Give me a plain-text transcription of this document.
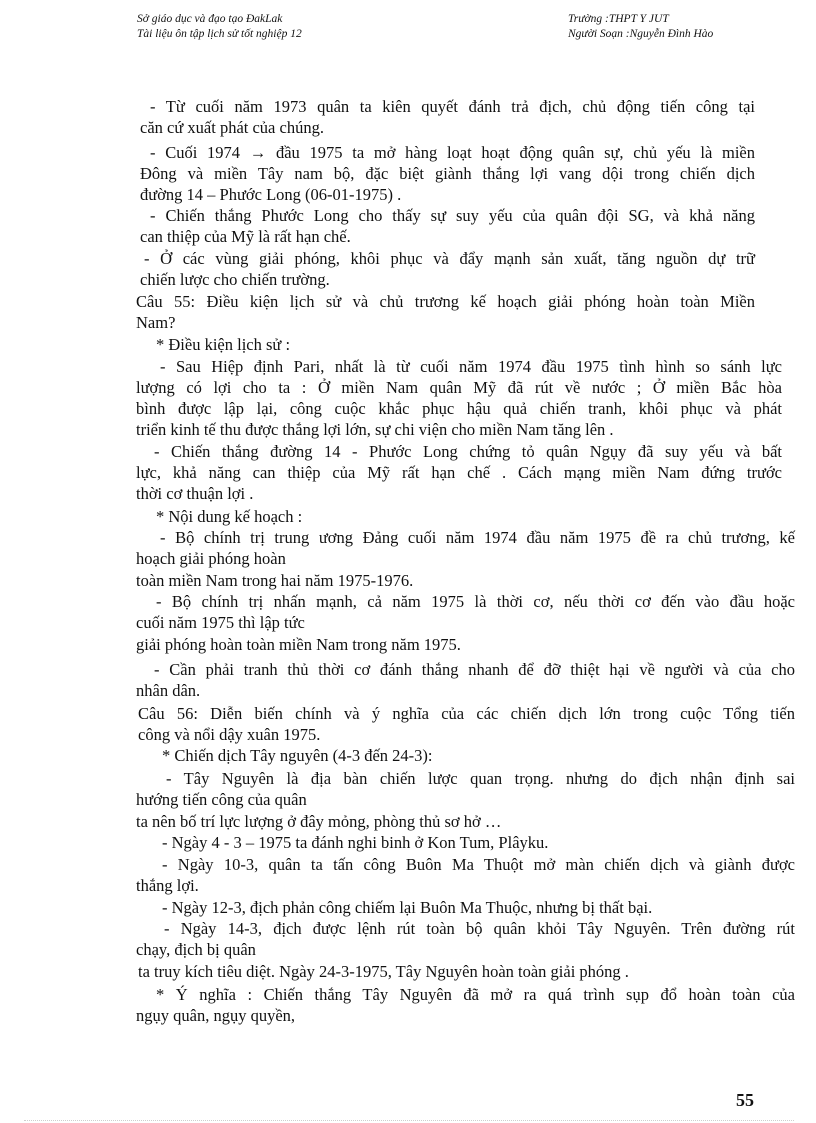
Sở giáo dục và đạo tạo ĐakLak
Tài liệu ôn tập lịch sử tốt nghiệp 12
Trường :THPT Y JUT
Người Soạn :Nguyễn Đình Hào

- Từ cuối năm 1973 quân ta kiên quyết đánh trả địch, chủ động tiến công tại

căn cứ xuất phát của chúng.

- Cuối 1974 → đầu 1975 ta mở hàng loạt hoạt động quân sự, chủ yếu là miền

Đông và miền Tây nam bộ, đặc biệt giành thắng lợi vang dội trong chiến dịch

đường 14 – Phước Long (06-01-1975) .

- Chiến thắng Phước Long cho thấy sự suy yếu của quân đội SG, và khả năng

can thiệp của Mỹ là rất hạn chế.

- Ở các vùng giải phóng, khôi phục và đẩy mạnh sản xuất, tăng nguồn dự trữ

chiến lược cho chiến trường.

Câu 55: Điều kiện lịch sử và chủ trương kế hoạch giải phóng hoàn toàn Miền

Nam?

* Điều kiện lịch sử :

- Sau Hiệp định Pari, nhất là từ cuối năm 1974 đầu 1975 tình hình so sánh lực

lượng có lợi cho ta : Ở miền Nam quân Mỹ đã rút về nước ; Ở miền Bắc hòa

bình được lập lại, công cuộc khắc phục hậu quả chiến tranh, khôi phục và phát

triển kinh tế thu được thắng lợi lớn, sự chi viện cho miền Nam tăng lên .

- Chiến thắng đường 14 - Phước Long chứng tỏ quân Ngụy đã suy yếu và bất

lực, khả năng can thiệp của Mỹ rất hạn chế . Cách mạng miền Nam đứng trước

thời cơ thuận lợi .

* Nội dung kế hoạch :

- Bộ chính trị trung ương Đảng cuối năm 1974 đầu năm 1975 đề ra chủ trương, kế

hoạch giải phóng hoàn

toàn miền Nam trong hai năm 1975-1976.

- Bộ chính trị nhấn mạnh, cả năm 1975 là thời cơ, nếu thời cơ đến vào đầu hoặc

cuối năm 1975 thì lập tức

giải phóng hoàn toàn miền Nam trong năm 1975.

- Cần phải tranh thủ thời cơ đánh thắng nhanh để đỡ thiệt hại về người và của cho

nhân dân.

Câu 56: Diễn biến chính và ý nghĩa của các chiến dịch lớn trong cuộc Tổng tiến

công và nổi dậy xuân 1975.

* Chiến dịch Tây nguyên (4-3 đến 24-3):

- Tây Nguyên là địa bàn chiến lược quan trọng. nhưng do địch nhận định sai

hướng tiến công của quân

ta nên bố trí lực lượng ở đây mỏng, phòng thủ sơ hở …

- Ngày 4 - 3 – 1975 ta đánh nghi binh ở Kon Tum, Plâyku.

- Ngày 10-3, quân ta tấn công Buôn Ma Thuột mở màn chiến dịch và giành được

thắng lợi.

- Ngày 12-3, địch phản công chiếm lại Buôn Ma Thuộc, nhưng bị thất bại.

- Ngày 14-3, địch được lệnh rút toàn bộ quân khỏi Tây Nguyên. Trên đường rút

chạy, địch bị quân

ta truy kích tiêu diệt. Ngày 24-3-1975, Tây Nguyên hoàn toàn giải phóng .

* Ý nghĩa : Chiến thắng Tây Nguyên đã mở ra quá trình sụp đổ hoàn toàn của

ngụy quân, ngụy quyền,

55
